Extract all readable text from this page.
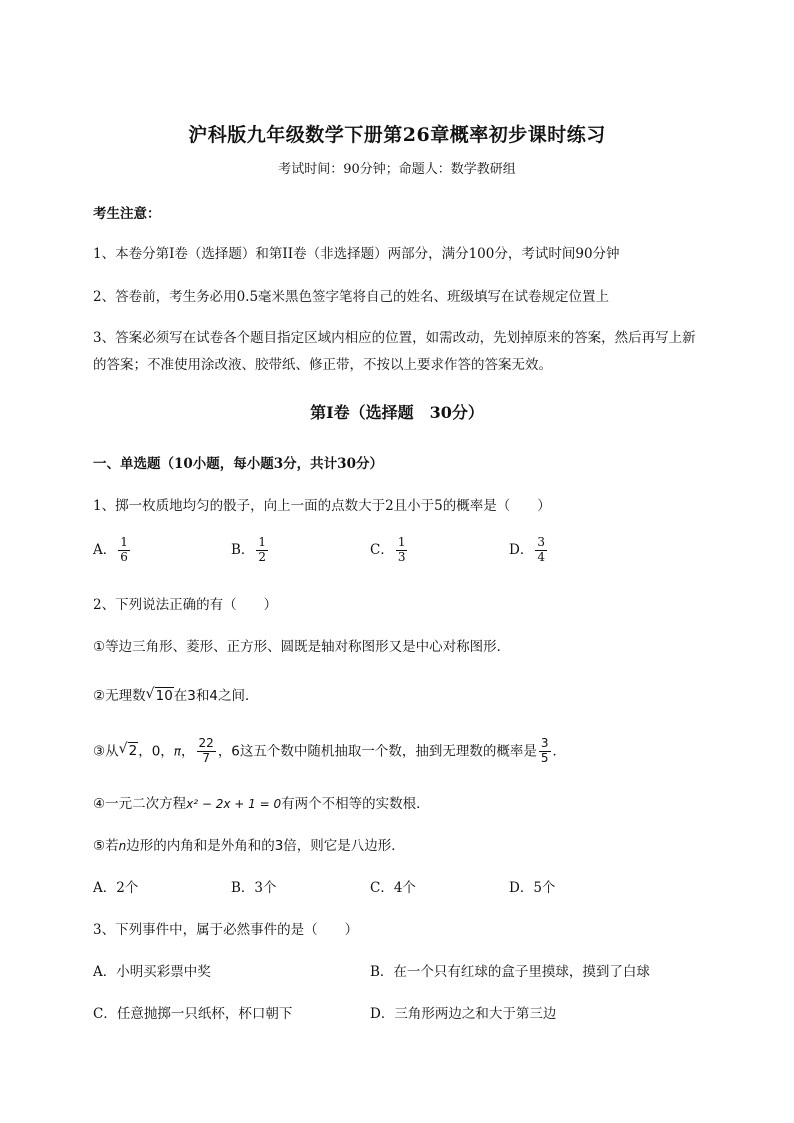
沪科版九年级数学下册第26章概率初步课时练习
考试时间：90分钟；命题人：数学教研组
考生注意：
1、本卷分第I卷（选择题）和第II卷（非选择题）两部分，满分100分，考试时间90分钟
2、答卷前，考生务必用0.5毫米黑色签字笔将自己的姓名、班级填写在试卷规定位置上
3、答案必须写在试卷各个题目指定区域内相应的位置，如需改动，先划掉原来的答案，然后再写上新
的答案；不准使用涂改液、胶带纸、修正带，不按以上要求作答的答案无效。
第I卷（选择题　30分）
一、单选题（10小题，每小题3分，共计30分）
1、掷一枚质地均匀的骰子，向上一面的点数大于2且小于5的概率是（　　）
A． $\frac{1}{6}$	B． $\frac{1}{2}$	C． $\frac{1}{3}$	D． $\frac{3}{4}$
2、下列说法正确的有（　　）
①等边三角形、菱形、正方形、圆既是轴对称图形又是中心对称图形．
②无理数 √ 10在3和4之间．
③从 √ 2，0，π， $\frac{22}{7}$ ，6这五个数中随机抽取一个数，抽到无理数的概率是 $\frac{3}{5}$ ．
④一元二次方程x² − 2x + 1 = 0有两个不相等的实数根．
⑤若n边形的内角和是外角和的3倍，则它是八边形．
A．2个	B．3个	C．4个	D．5个
3、下列事件中，属于必然事件的是（　　）
A．小明买彩票中奖	B．在一个只有红球的盒子里摸球，摸到了白球
C．任意抛掷一只纸杯，杯口朝下	D．三角形两边之和大于第三边
